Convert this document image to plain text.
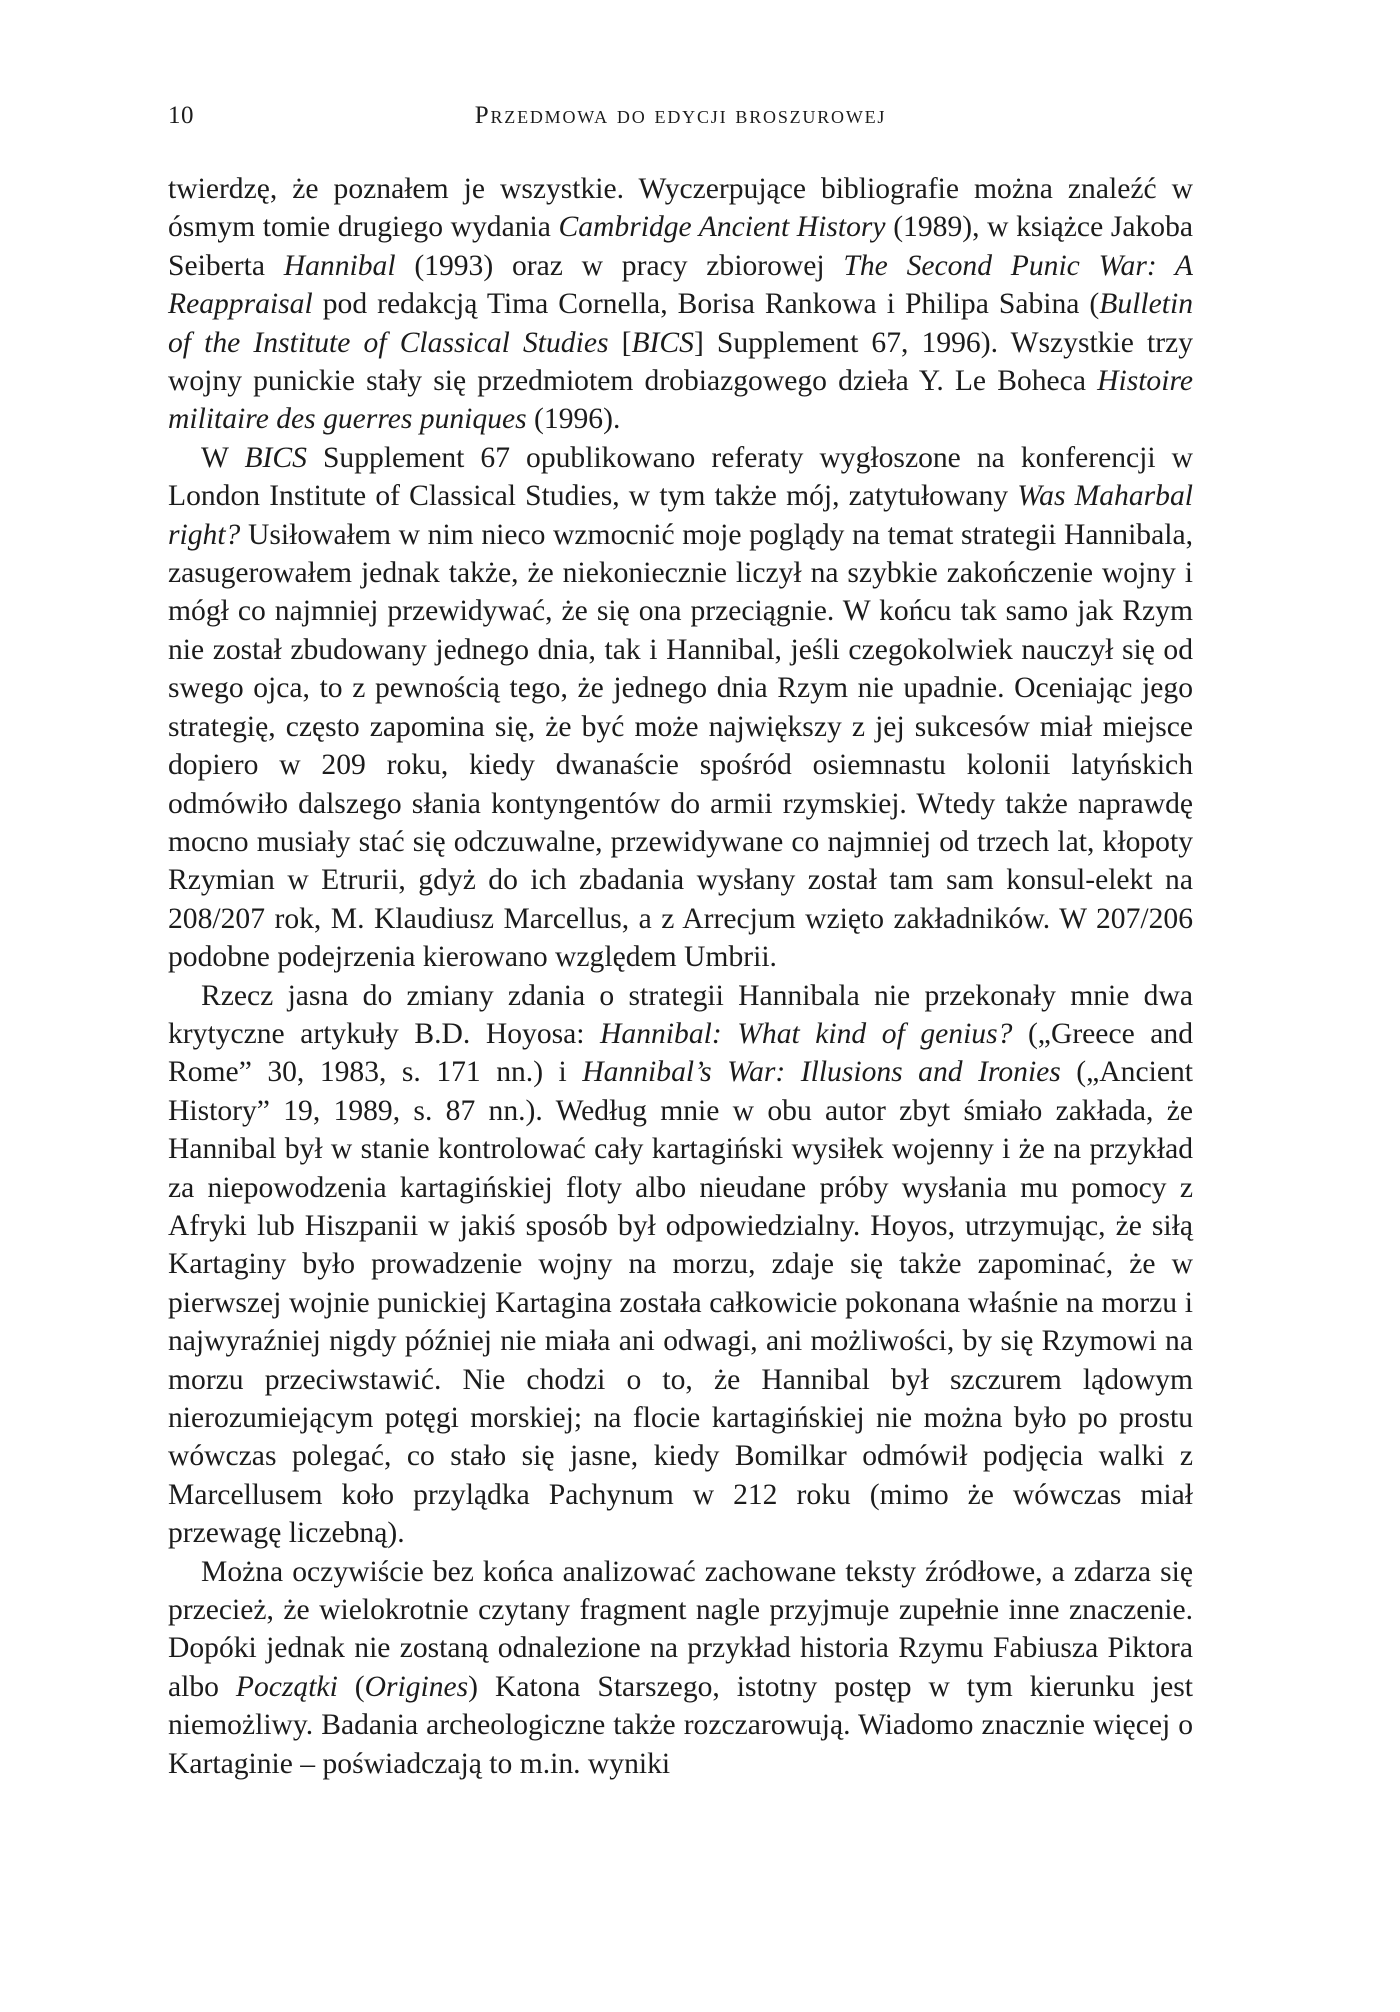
10	Przedmowa do edycji broszurowej

twierdzę, że poznałem je wszystkie. Wyczerpujące bibliografie można znaleźć w ósmym tomie drugiego wydania Cambridge Ancient History (1989), w książce Jakoba Seiberta Hannibal (1993) oraz w pracy zbiorowej The Second Punic War: A Reappraisal pod redakcją Tima Cornella, Borisa Rankowa i Philipa Sabina (Bulletin of the Institute of Classical Studies [BICS] Supplement 67, 1996). Wszystkie trzy wojny punickie stały się przedmiotem drobiazgowego dzieła Y. Le Boheca Histoire militaire des guerres puniques (1996).

W BICS Supplement 67 opublikowano referaty wygłoszone na konferencji w London Institute of Classical Studies, w tym także mój, zatytułowany Was Maharbal right? Usiłowałem w nim nieco wzmocnić moje poglądy na temat strategii Hannibala, zasugerowałem jednak także, że niekoniecznie liczył na szybkie zakończenie wojny i mógł co najmniej przewidywać, że się ona przeciągnie. W końcu tak samo jak Rzym nie został zbudowany jednego dnia, tak i Hannibal, jeśli czegokolwiek nauczył się od swego ojca, to z pewnością tego, że jednego dnia Rzym nie upadnie. Oceniając jego strategię, często zapomina się, że być może największy z jej sukcesów miał miejsce dopiero w 209 roku, kiedy dwanaście spośród osiemnastu kolonii latyńskich odmówiło dalszego słania kontyngentów do armii rzymskiej. Wtedy także naprawdę mocno musiały stać się odczuwalne, przewidywane co najmniej od trzech lat, kłopoty Rzymian w Etrurii, gdyż do ich zbadania wysłany został tam sam konsul-elekt na 208/207 rok, M. Klaudiusz Marcellus, a z Arrecjum wzięto zakładników. W 207/206 podobne podejrzenia kierowano względem Umbrii.

Rzecz jasna do zmiany zdania o strategii Hannibala nie przekonały mnie dwa krytyczne artykuły B.D. Hoyosa: Hannibal: What kind of genius? („Greece and Rome” 30, 1983, s. 171 nn.) i Hannibal’s War: Illusions and Ironies („Ancient History” 19, 1989, s. 87 nn.). Według mnie w obu autor zbyt śmiało zakłada, że Hannibal był w stanie kontrolować cały kartagiński wysiłek wojenny i że na przykład za niepowodzenia kartagińskiej floty albo nieudane próby wysłania mu pomocy z Afryki lub Hiszpanii w jakiś sposób był odpowiedzialny. Hoyos, utrzymując, że siłą Kartaginy było prowadzenie wojny na morzu, zdaje się także zapominać, że w pierwszej wojnie punickiej Kartagina została całkowicie pokonana właśnie na morzu i najwyraźniej nigdy później nie miała ani odwagi, ani możliwości, by się Rzymowi na morzu przeciwstawić. Nie chodzi o to, że Hannibal był szczurem lądowym nierozumiejącym potęgi morskiej; na flocie kartagińskiej nie można było po prostu wówczas polegać, co stało się jasne, kiedy Bomilkar odmówił podjęcia walki z Marcellusem koło przylądka Pachynum w 212 roku (mimo że wówczas miał przewagę liczebną).

Można oczywiście bez końca analizować zachowane teksty źródłowe, a zdarza się przecież, że wielokrotnie czytany fragment nagle przyjmuje zupełnie inne znaczenie. Dopóki jednak nie zostaną odnalezione na przykład historia Rzymu Fabiusza Piktora albo Początki (Origines) Katona Starszego, istotny postęp w tym kierunku jest niemożliwy. Badania archeologiczne także rozczarowują. Wiadomo znacznie więcej o Kartaginie – poświadczają to m.in. wyniki
